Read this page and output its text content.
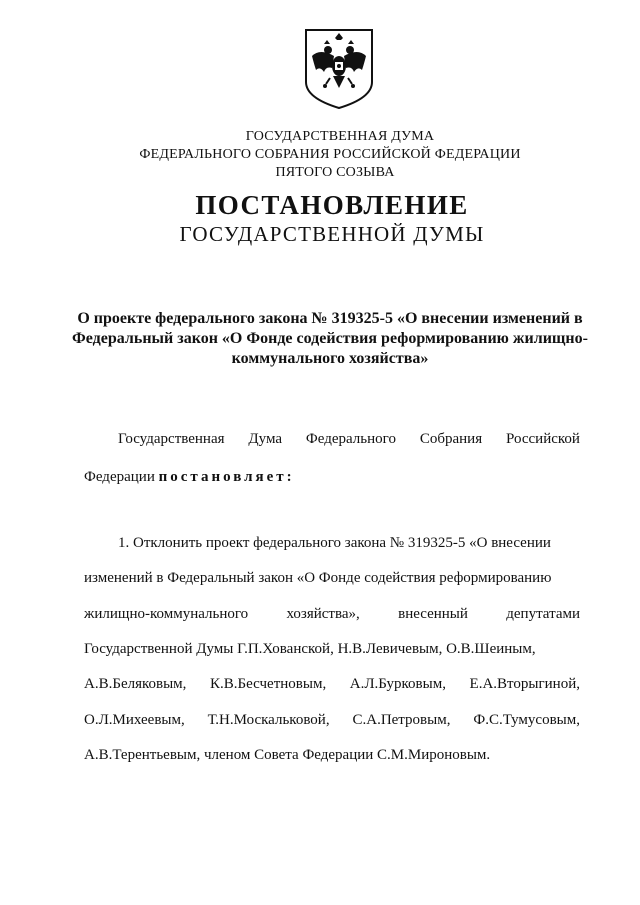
ГОСУДАРСТВЕННАЯ ДУМА
ФЕДЕРАЛЬНОГО СОБРАНИЯ РОССИЙСКОЙ ФЕДЕРАЦИИ
ПЯТОГО СОЗЫВА
ПОСТАНОВЛЕНИЕ
ГОСУДАРСТВЕННОЙ ДУМЫ
О проекте федерального закона № 319325-5 «О внесении изменений в
Федеральный закон «О Фонде содействия реформированию жилищно-
коммунального хозяйства»
Государственная Дума Федерального Собрания Российской
Федерации постановляет:
1. Отклонить проект федерального закона № 319325-5 «О внесении
изменений в Федеральный закон «О Фонде содействия реформированию
жилищно-коммунального	хозяйства»,	внесенный	депутатами
Государственной Думы Г.П.Хованской, Н.В.Левичевым, О.В.Шеиным,
А.В.Беляковым, К.В.Бесчетновым, А.Л.Бурковым, Е.А.Вторыгиной,
О.Л.Михеевым, Т.Н.Москальковой, С.А.Петровым, Ф.С.Тумусовым,
А.В.Терентьевым, членом Совета Федерации С.М.Мироновым.
